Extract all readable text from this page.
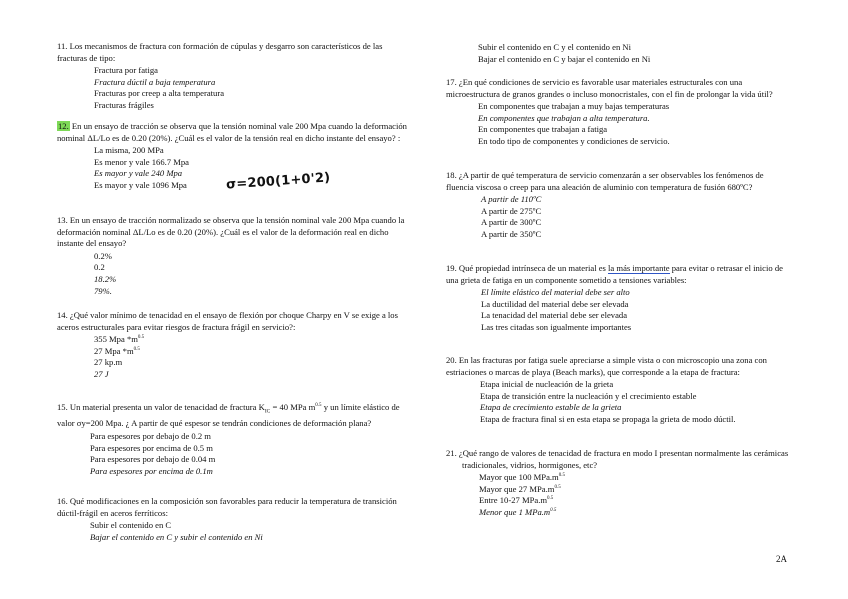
11. Los mecanismos de fractura con formación de cúpulas y desgarro son característicos de las fracturas de tipo:

Fractura por fatiga
Fractura dúctil a baja temperatura
Fracturas por creep a alta temperatura
Fracturas frágiles

12. En un ensayo de tracción se observa que la tensión nominal vale 200 Mpa cuando la deformación nominal ΔL/Lo es de 0.20 (20%). ¿Cuál es el valor de la tensión real en dicho instante del ensayo? :

La misma, 200 MPa
Es menor y vale 166.7 Mpa
Es mayor y vale 240 Mpa
Es mayor y vale 1096 Mpa	σ=200(1+0'2)

13. En un ensayo de tracción normalizado se observa que la tensión nominal vale 200 Mpa cuando la deformación nominal ΔL/Lo es de 0.20 (20%). ¿Cuál es el valor de la deformación real en dicho instante del ensayo?

0.2%
0.2
18.2%
79%.

14. ¿Qué valor mínimo de tenacidad en el ensayo de flexión por choque Charpy en V se exige a los aceros estructurales para evitar riesgos de fractura frágil en servicio?:

355 Mpa $*m^{0.5}$
27 Mpa $*m^{0.5}$
27 kp.m
27 J

15. Un material presenta un valor de tenacidad de fractura $K_{IC} = 40$ MPa $m^{0.5}$ y un límite elástico de valor σy=200 Mpa. ¿ A partir de qué espesor se tendrán condiciones de deformación plana?

Para espesores por debajo de 0.2 m
Para espesores por encima de 0.5 m
Para espesores por debajo de 0.04 m
Para espesores por encima de 0.1m

16. Qué modificaciones en la composición son favorables para reducir la temperatura de transición dúctil-frágil en aceros ferríticos:

Subir el contenido en C
Bajar el contenido en C y subir el contenido en Ni
Subir el contenido en C y el contenido en Ni
Bajar el contenido en C y bajar el contenido en Ni

17. ¿En qué condiciones de servicio es favorable usar materiales estructurales con una microestructura de granos grandes o incluso monocristales, con el fin de prolongar la vida útil?

En componentes que trabajan a muy bajas temperaturas
En componentes que trabajan a alta temperatura.
En componentes que trabajan a fatiga
En todo tipo de componentes y condiciones de servicio.

18. ¿A partir de qué temperatura de servicio comenzarán a ser observables los fenómenos de fluencia viscosa o creep para una aleación de aluminio con temperatura de fusión 680ºC?

A partir de 110ºC
A partir de 275ºC
A partir de 300ºC
A partir de 350ºC

19. Qué propiedad intrínseca de un material es la más importante para evitar o retrasar el inicio de una grieta de fatiga en un componente sometido a tensiones variables:

El límite elástico del material debe ser alto
La ductilidad del material debe ser elevada
La tenacidad del material debe ser elevada
Las tres citadas son igualmente importantes

20. En las fracturas por fatiga suele apreciarse a simple vista o con microscopio una zona con estriaciones o marcas de playa (Beach marks), que corresponde a la etapa de fractura:

Etapa inicial de nucleación de la grieta
Etapa de transición entre la nucleación y el crecimiento estable
Etapa de crecimiento estable de la grieta
Etapa de fractura final si en esta etapa se propaga la grieta de modo dúctil.

21. ¿Qué rango de valores de tenacidad de fractura en modo I presentan normalmente las cerámicas tradicionales, vidrios, hormigones, etc?

Mayor que 100 $MPa.m^{0.5}$
Mayor que 27 $MPa.m^{0.5}$
Entre 10-27 $MPa.m^{0.5}$
Menor que 1 $MPa.m^{0.5}$
2A
